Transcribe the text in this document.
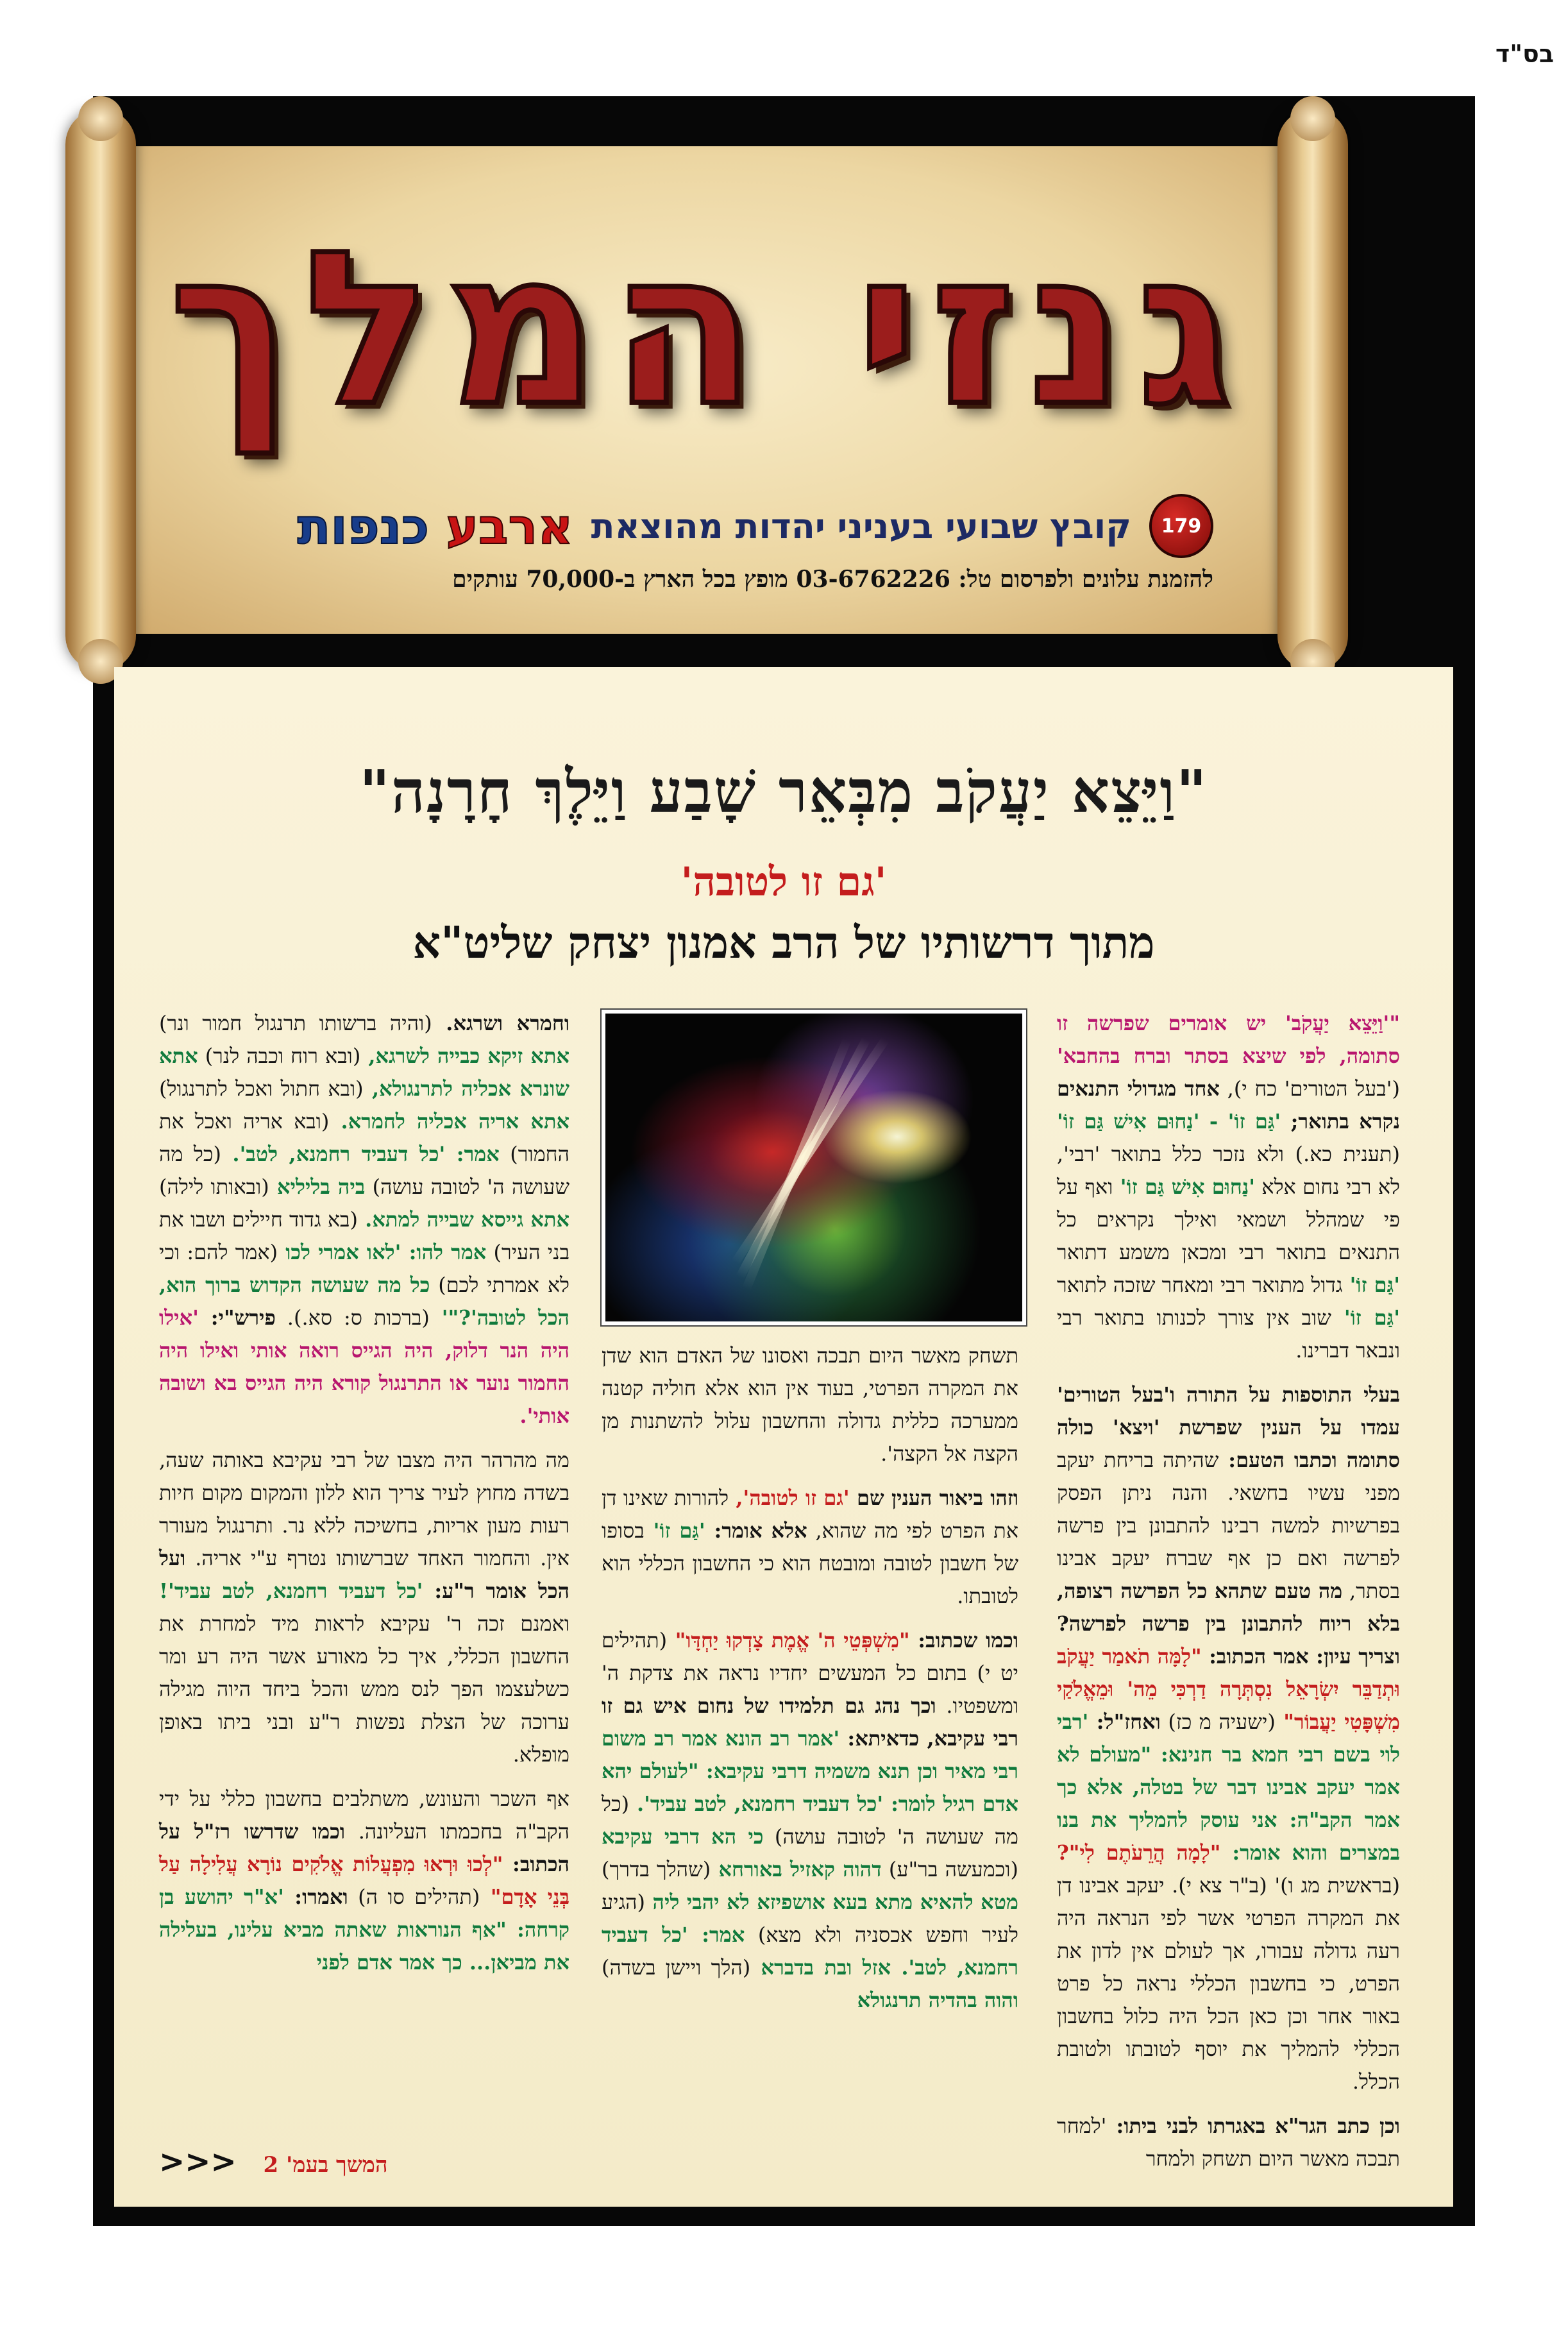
בס"ד
גנזי המלך
179
קובץ שבועי בעניני יהדות מהוצאת
ארבע כנפות
להזמנת עלונים ולפרסום טל: 03-6762226 מופץ בכל הארץ ב-70,000 עותקים
"וַיֵּצֵא יַעֲקֹב מִבְּאֵר שָׁבַע וַיֵּלֶךְ חָרָנָה"
'גם זו לטובה'
מתוך דרשותיו של הרב אמנון יצחק שליט"א

"'וַיֵּצֵא יַעֲקֹב' יש אומרים שפרשה זו סתומה, לפי שיצא בסתר וברח בהחבא' ('בעל הטורים' כח י), אחד מגדולי התנאים נקרא בתואר; 'גַּם זוֹ' - 'נַחוּם אִישׁ גַּם זוֹ' (תענית כא.) ולא נזכר כלל בתואר 'רבי', לא רבי נחום אלא 'נַחוּם אִישׁ גַּם זוֹ' ואף על פי שמהלל ושמאי ואילך נקראים כל התנאים בתואר רבי ומכאן משמע דתואר 'גַּם זוֹ' גדול מתואר רבי ומאחר שזכה לתואר 'גַּם זוֹ' שוב אין צורך לכנותו בתואר רבי ונבאר דברינו.

בעלי התוספות על התורה ו'בעל הטורים' עמדו על הענין שפרשת 'ויצא' כולה סתומה וכתבו הטעם: שהיתה בריחת יעקב מפני עשיו בחשאי. והנה ניתן הפסק בפרשיות למשה רבינו להתבונן בין פרשה לפרשה ואם כן אף שברח יעקב אבינו בסתר, מה טעם שתהא כל הפרשה רצופה, בלא ריוח להתבונן בין פרשה לפרשה? וצריך עיון: אמר הכתוב: "לָמָּה תֹאמַר יַעֲקֹב וּתְדַבֵּר יִשְׂרָאֵל נִסְתְּרָה דַרְכִּי מֵה' וּמֵאֱלֹקַי מִשְׁפָּטִי יַעֲבוֹר" (ישעיה מ כז) ואחז"ל: 'רבי לוי בשם רבי חמא בר חנינא: "מעולם לא אמר יעקב אבינו דבר של בטלה, אלא כך אמר הקב"ה: אני עוסק להמליך את בנו במצרים והוא אומר: "לָמָה הֲרֵעֹתֶם לִי"? (בראשית מג ו)' (ב"ר צא י). יעקב אבינו דן את המקרה הפרטי אשר לפי הנראה היה רעה גדולה עבורו, אך לעולם אין לדון את הפרט, כי בחשבון הכללי נראה כל פרט באור אחר וכן כאן הכל היה כלול בחשבון הכללי להמליך את יוסף לטובתו ולטובת הכלל.

וכן כתב הגר"א באגרתו לבני ביתו: 'למחר תבכה מאשר היום תשחק ולמחר

תשחק מאשר היום תבכה ואסונו של האדם הוא שדן את המקרה הפרטי, בעוד אין הוא אלא חוליה קטנה ממערכה כללית גדולה והחשבון עלול להשתנות מן הקצה אל הקצה'.

וזהו ביאור הענין שם 'גם זו לטובה', להורות שאינו דן את הפרט לפי מה שהוא, אלא אומר: 'גַּם זוֹ' בסופו של חשבון לטובה ומובטח הוא כי החשבון הכללי הוא לטובתו.

וכמו שכתוב: "מִשְׁפְּטֵי ה' אֱמֶת צָדְקוּ יַחְדָּו" (תהילים יט י) בתום כל המעשים יחדיו נראה את צדקת ה' ומשפטיו. וכך נהג גם תלמידו של נחום איש גם זו רבי עקיבא, כדאיתא: 'אמר רב הונא אמר רב משום רבי מאיר וכן תנא משמיה דרבי עקיבא: "לעולם יהא אדם רגיל לומר: 'כל דעביד רחמנא, לטב עביד'. (כל מה שעושה ה' לטובה עושה) כי הא דרבי עקיבא (וכמעשה בר"ע) דהוה קאזיל באורחא (שהלך בדרך) מטא להאיא מתא בעא אושפיזא לא יהבי ליה (הגיע לעיר וחפש אכסניה ולא מצא) אמר: 'כל דעביד רחמנא, לטב'. אזל ובת בדברא (הלך ויישן בשדה) והוה בהדיה תרנגולא

וחמרא ושרגא. (והיה ברשותו תרנגול חמור ונר) אתא זיקא כבייה לשרגא, (ובא רוח וכבה לנר) אתא שונרא אכליה לתרנגולא, (ובא חתול ואכל לתרנגול) אתא אריה אכליה לחמרא. (ובא אריה ואכל את החמור) אמר: 'כל דעביד רחמנא, לטב'. (כל מה שעושה ה' לטובה עושה) ביה בליליא (ובאותו לילה) אתא גייסא שבייה למתא. (בא גדוד חיילים ושבו את בני העיר) אמר להו: 'לאו אמרי לכו (אמר להם: וכי לא אמרתי לכם) כל מה שעושה הקדוש ברוך הוא, הכל לטובה'?"' (ברכות ס: סא.). פירש"י: 'אילו היה הנר דלוק, היה הגייס רואה אותי ואילו היה החמור נוער או התרנגול קורא היה הגייס בא ושובה אותי'.

מה מהרהר היה מצבו של רבי עקיבא באותה שעה, בשדה מחוץ לעיר צריך הוא ללון והמקום מקום חיות רעות מעון אריות, בחשיכה ללא נר. ותרנגול מעורר אין. והחמור האחד שברשותו נטרף ע"י אריה. ועל הכל אומר ר"ע: 'כל דעביד רחמנא, לטב עביד'! ואמנם זכה ר' עקיבא לראות מיד למחרת את החשבון הכללי, איך כל מאורע אשר היה רע ומר כשלעצמו הפך לנס ממש והכל ביחד היוה מגילה ערוכה של הצלת נפשות ר"ע ובני ביתו באופן מופלא.

אף השכר והעונש, משתלבים בחשבון כללי על ידי הקב"ה בחכמתו העליונה. וכמו שדרשו רז"ל על הכתוב: "לְכוּ וּרְאוּ מִפְעֲלוֹת אֱלֹקִים נוֹרָא עֲלִילָה עַל בְּנֵי אָדָם" (תהילים סו ה) ואמרו: 'א"ר יהושע בן קרחה: "אף הנוראות שאתה מביא עלינו, בעלילה את מביאן... כך אמר אדם לפני

המשך בעמ' 2 <<<
